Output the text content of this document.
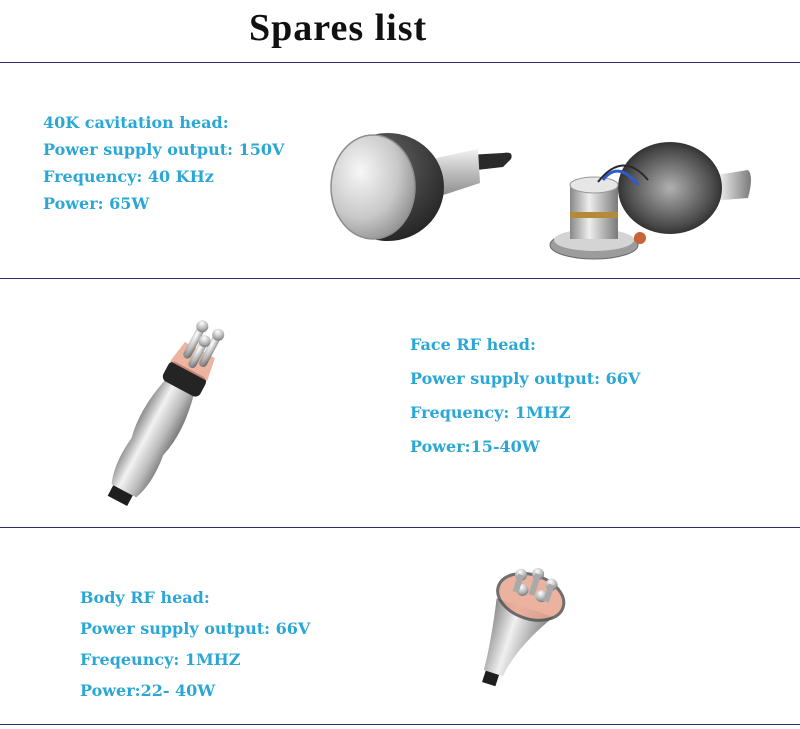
Spares list

40K cavitation head:

Power supply output: 150V

Frequency: 40 KHz

Power: 65W

Face RF head:

Power supply output: 66V

Frequency: 1MHZ

Power:15-40W

Body RF head:

Power supply output: 66V

Freqeuncy: 1MHZ

Power:22- 40W
